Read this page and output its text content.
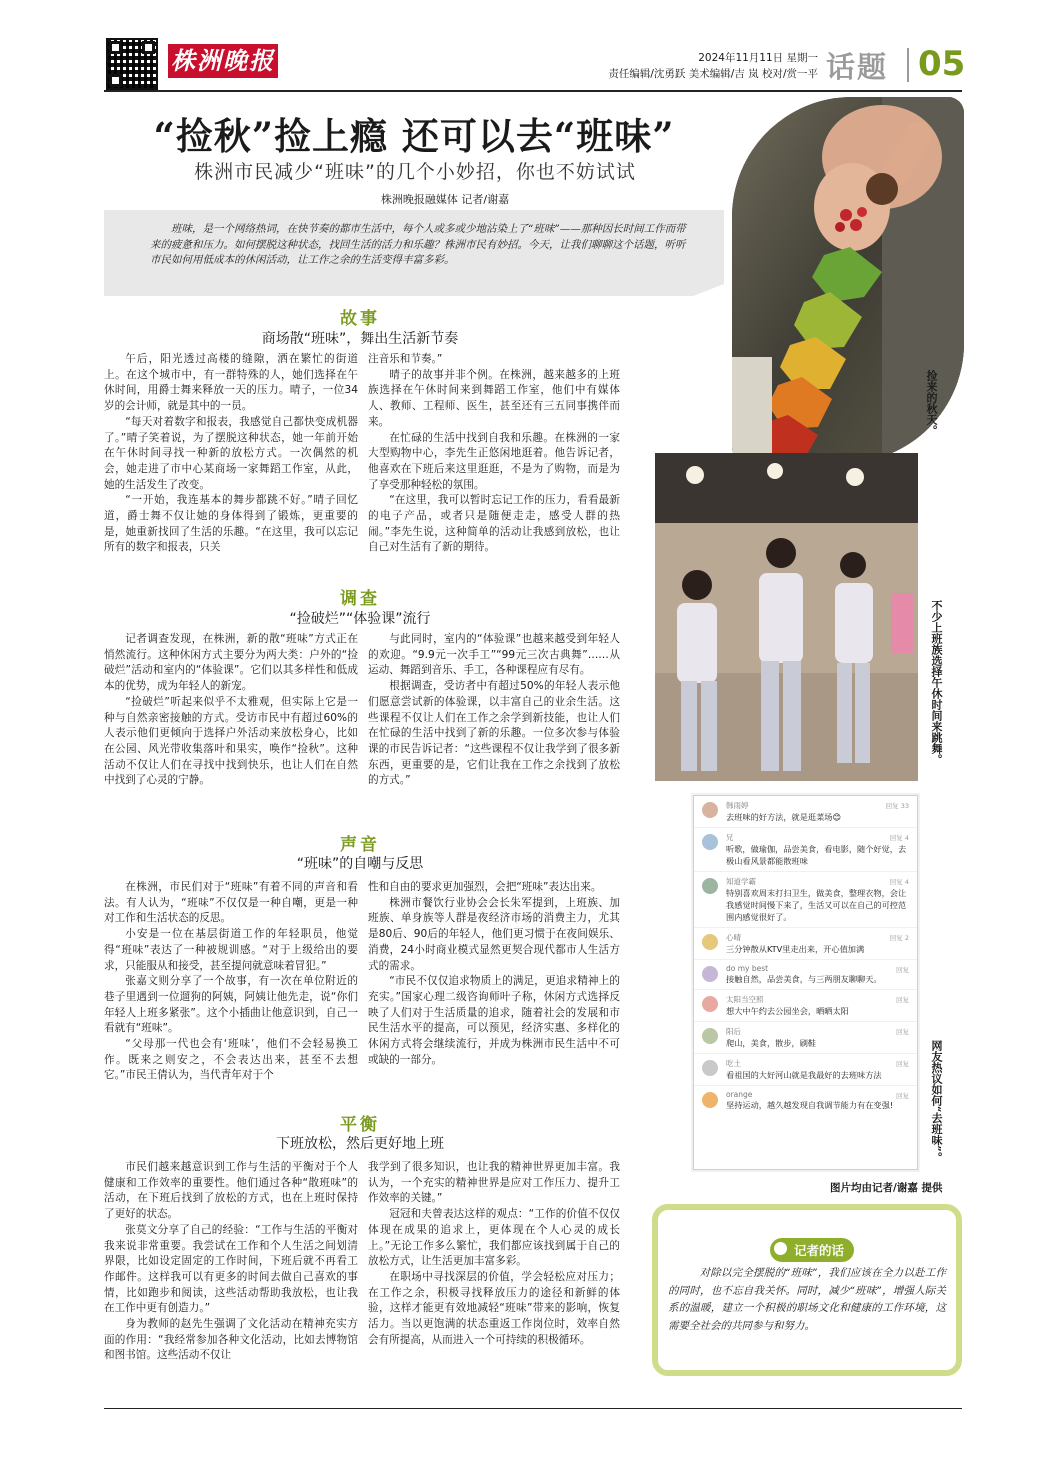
株洲晚报	2024年11月11日 星期一
责任编辑/沈勇跃 美术编辑/吉 岚 校对/赏一平 话题 05
“捡秋”捡上瘾 还可以去“班味”
株洲市民减少“班味”的几个小妙招，你也不妨试试
株洲晚报融媒体 记者/谢嘉
班味，是一个网络热词，在快节奏的都市生活中，每个人或多或少地沾染上了“班味”——那种因长时间工作而带来的疲惫和压力。如何摆脱这种状态，找回生活的活力和乐趣？株洲市民有妙招。今天，让我们聊聊这个话题，听听市民如何用低成本的休闲活动，让工作之余的生活变得丰富多彩。
捡来的秋天。
故事
商场散“班味”，舞出生活新节奏

午后，阳光透过高楼的缝隙，洒在繁忙的街道上。在这个城市中，有一群特殊的人，她们选择在午休时间，用爵士舞来释放一天的压力。晴子，一位34岁的会计师，就是其中的一员。

“每天对着数字和报表，我感觉自己都快变成机器了。”晴子笑着说，为了摆脱这种状态，她一年前开始在午休时间寻找一种新的放松方式。一次偶然的机会，她走进了市中心某商场一家舞蹈工作室，从此，她的生活发生了改变。

“一开始，我连基本的舞步都跳不好。”晴子回忆道，爵士舞不仅让她的身体得到了锻炼，更重要的是，她重新找回了生活的乐趣。“在这里，我可以忘记所有的数字和报表，只关

注音乐和节奏。”

晴子的故事并非个例。在株洲，越来越多的上班族选择在午休时间来到舞蹈工作室，他们中有媒体人、教师、工程师、医生，甚至还有三五同事携伴而来。

在忙碌的生活中找到自我和乐趣。在株洲的一家大型购物中心，李先生正悠闲地逛着。他告诉记者，他喜欢在下班后来这里逛逛，不是为了购物，而是为了享受那种轻松的氛围。

“在这里，我可以暂时忘记工作的压力，看看最新的电子产品，或者只是随便走走，感受人群的热闹。”李先生说，这种简单的活动让我感到放松，也让自己对生活有了新的期待。

不少上班族选择午休时间来跳舞。
调查
“捡破烂”“体验课”流行

记者调查发现，在株洲，新的散“班味”方式正在悄然流行。这种休闲方式主要分为两大类：户外的“捡破烂”活动和室内的“体验课”。它们以其多样性和低成本的优势，成为年轻人的新宠。

“捡破烂”听起来似乎不太雅观，但实际上它是一种与自然亲密接触的方式。受访市民中有超过60%的人表示他们更倾向于选择户外活动来放松身心，比如在公园、风光带收集落叶和果实，唤作“捡秋”。这种活动不仅让人们在寻找中找到快乐，也让人们在自然中找到了心灵的宁静。

与此同时，室内的“体验课”也越来越受到年轻人的欢迎。“9.9元一次手工”“99元三次古典舞”……从运动、舞蹈到音乐、手工，各种课程应有尽有。

根据调查，受访者中有超过50%的年轻人表示他们愿意尝试新的体验课，以丰富自己的业余生活。这些课程不仅让人们在工作之余学到新技能，也让人们在忙碌的生活中找到了新的乐趣。一位多次参与体验课的市民告诉记者：“这些课程不仅让我学到了很多新东西，更重要的是，它们让我在工作之余找到了放松的方式。”

韩雨婷	回复 33
去班味的好方法，就是逛菜场😊
兄	回复 4
听歌，做瑜伽，品尝美食，看电影，随个好觉，去极山看风景都能散班味
知道学霸	回复 4
特别喜欢周末打扫卫生，做美食，整理衣物，会让我感觉时间慢下来了，生活又可以在自己的可控范围内感觉很好了。
心晴	回复 2
三分钟散从KTV里走出来，开心值加满
do my best	回复
接触自然，品尝美食，与三两朋友聊聊天。
太阳当空照	回复
想大中午约去公园坐会，晒晒太阳
阳后	回复
爬山，美食，散步，刷鞋
吃土	回复
看祖国的大好河山就是我最好的去班味方法
orange	回复
坚持运动，越久越发现自我调节能力有在变强!	网友热议如何“去班味”。
声音
“班味”的自嘲与反思

在株洲，市民们对于“班味”有着不同的声音和看法。有人认为，“班味”不仅仅是一种自嘲，更是一种对工作和生活状态的反思。

小安是一位在基层街道工作的年轻职员，他觉得“班味”表达了一种被规训感。“对于上级给出的要求，只能服从和接受，甚至提问就意味着冒犯。”

张嘉文则分享了一个故事，有一次在单位附近的巷子里遇到一位遛狗的阿姨，阿姨让他先走，说“你们年轻人上班多紧张”。这个小插曲让他意识到，自己一看就有“班味”。

“父母那一代也会有‘班味’，他们不会轻易换工作。既来之则安之，不会表达出来，甚至不去想它。”市民王倩认为，当代青年对于个

性和自由的要求更加强烈，会把“班味”表达出来。

株洲市餐饮行业协会会长朱军提到，上班族、加班族、单身族等人群是夜经济市场的消费主力，尤其是80后、90后的年轻人，他们更习惯于在夜间娱乐、消费，24小时商业模式显然更契合现代都市人生活方式的需求。

“市民不仅仅追求物质上的满足，更追求精神上的充实。”国家心理二级咨询师叶子称，休闲方式选择反映了人们对于生活质量的追求，随着社会的发展和市民生活水平的提高，可以预见，经济实惠、多样化的休闲方式将会继续流行，并成为株洲市民生活中不可或缺的一部分。

平衡
下班放松，然后更好地上班

市民们越来越意识到工作与生活的平衡对于个人健康和工作效率的重要性。他们通过各种“散班味”的活动，在下班后找到了放松的方式，也在上班时保持了更好的状态。

张莫文分享了自己的经验：“工作与生活的平衡对我来说非常重要。我尝试在工作和个人生活之间划清界限，比如设定固定的工作时间，下班后就不再看工作邮件。这样我可以有更多的时间去做自己喜欢的事情，比如跑步和阅读，这些活动帮助我放松，也让我在工作中更有创造力。”

身为教师的赵先生强调了文化活动在精神充实方面的作用：“我经常参加各种文化活动，比如去博物馆和图书馆。这些活动不仅让

我学到了很多知识，也让我的精神世界更加丰富。我认为，一个充实的精神世界是应对工作压力、提升工作效率的关键。”

冠冠和夫曾表达这样的观点：“工作的价值不仅仅体现在成果的追求上，更体现在个人心灵的成长上。”无论工作多么繁忙，我们都应该找到属于自己的放松方式，让生活更加丰富多彩。

在职场中寻找深层的价值，学会轻松应对压力；在工作之余，积极寻找释放压力的途径和新鲜的体验，这样才能更有效地减轻“班味”带来的影响，恢复活力。当以更饱满的状态重返工作岗位时，效率自然会有所提高，从而进入一个可持续的积极循环。

图片均由记者/谢嘉 提供
记者的话
对除以完全摆脱的“班味”，我们应该在全力以赴工作的同时，也不忘自我关怀。同时，减少“班味”，增强人际关系的温暖，建立一个积极的职场文化和健康的工作环境，这需要全社会的共同参与和努力。
